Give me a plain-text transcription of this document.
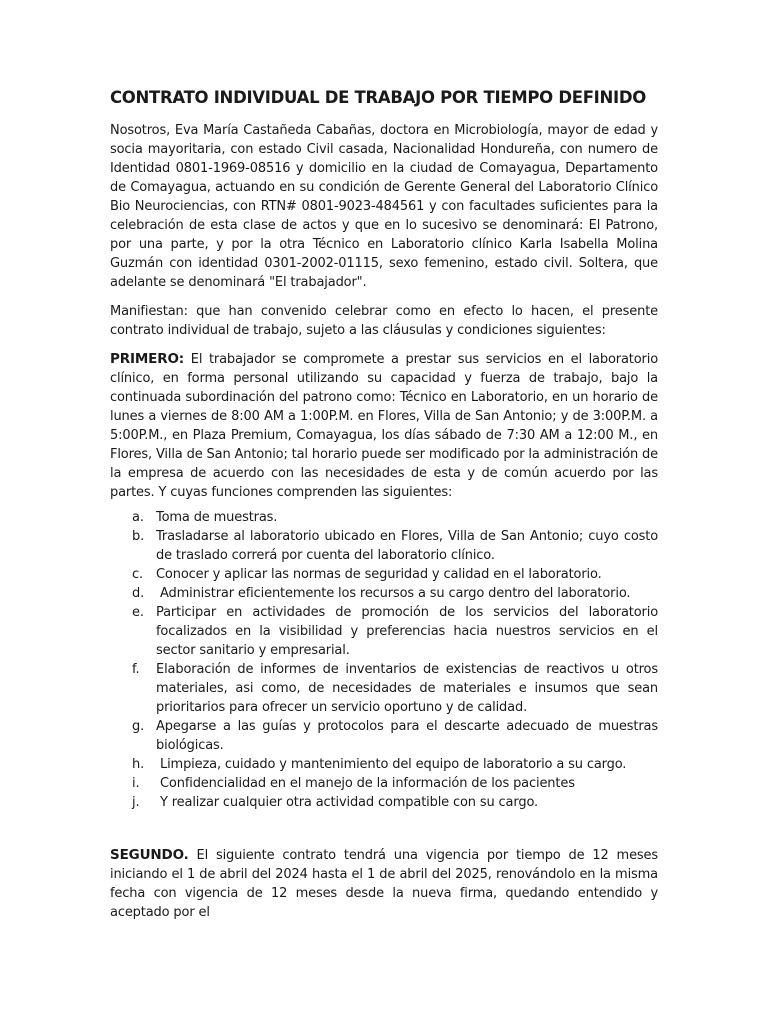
CONTRATO INDIVIDUAL DE TRABAJO POR TIEMPO DEFINIDO

Nosotros, Eva María Castañeda Cabañas, doctora en Microbiología, mayor de edad y socia mayoritaria, con estado Civil casada, Nacionalidad Hondureña, con numero de Identidad 0801-1969-08516 y domicilio en la ciudad de Comayagua, Departamento de Comayagua, actuando en su condición de Gerente General del Laboratorio Clínico Bio Neurociencias, con RTN# 0801-9023-484561 y con facultades suficientes para la celebración de esta clase de actos y que en lo sucesivo se denominará: El Patrono, por una parte, y por la otra Técnico en Laboratorio clínico Karla Isabella Molina Guzmán con identidad 0301-2002-01115, sexo femenino, estado civil. Soltera, que adelante se denominará "El trabajador".

Manifiestan: que han convenido celebrar como en efecto lo hacen, el presente contrato individual de trabajo, sujeto a las cláusulas y condiciones siguientes:

PRIMERO: El trabajador se compromete a prestar sus servicios en el laboratorio clínico, en forma personal utilizando su capacidad y fuerza de trabajo, bajo la continuada subordinación del patrono como: Técnico en Laboratorio, en un horario de lunes a viernes de 8:00 AM a 1:00P.M. en Flores, Villa de San Antonio; y de 3:00P.M. a 5:00P.M., en Plaza Premium, Comayagua, los días sábado de 7:30 AM a 12:00 M., en Flores, Villa de San Antonio; tal horario puede ser modificado por la administración de la empresa de acuerdo con las necesidades de esta y de común acuerdo por las partes. Y cuyas funciones comprenden las siguientes:

a. Toma de muestras.
b. Trasladarse al laboratorio ubicado en Flores, Villa de San Antonio; cuyo costo de traslado correrá por cuenta del laboratorio clínico.
c.	Conocer y aplicar las normas de seguridad y calidad en el laboratorio.
d.	Administrar eficientemente los recursos a su cargo dentro del laboratorio.
e. Participar en actividades de promoción de los servicios del laboratorio focalizados en la visibilidad y preferencias hacia nuestros servicios en el sector sanitario y empresarial.
f.	Elaboración de informes de inventarios de existencias de reactivos u otros materiales, asi como, de necesidades de materiales e insumos que sean prioritarios para ofrecer un servicio oportuno y de calidad.
g. Apegarse a las guías y protocolos para el descarte adecuado de muestras biológicas.
h.	Limpieza, cuidado y mantenimiento del equipo de laboratorio a su cargo.
i.	Confidencialidad en el manejo de la información de los pacientes
j.	Y realizar cualquier otra actividad compatible con su cargo.

SEGUNDO. El siguiente contrato tendrá una vigencia por tiempo de 12 meses iniciando el 1 de abril del 2024 hasta el 1 de abril del 2025, renovándolo en la misma fecha con vigencia de 12 meses desde la nueva firma, quedando entendido y aceptado por el
